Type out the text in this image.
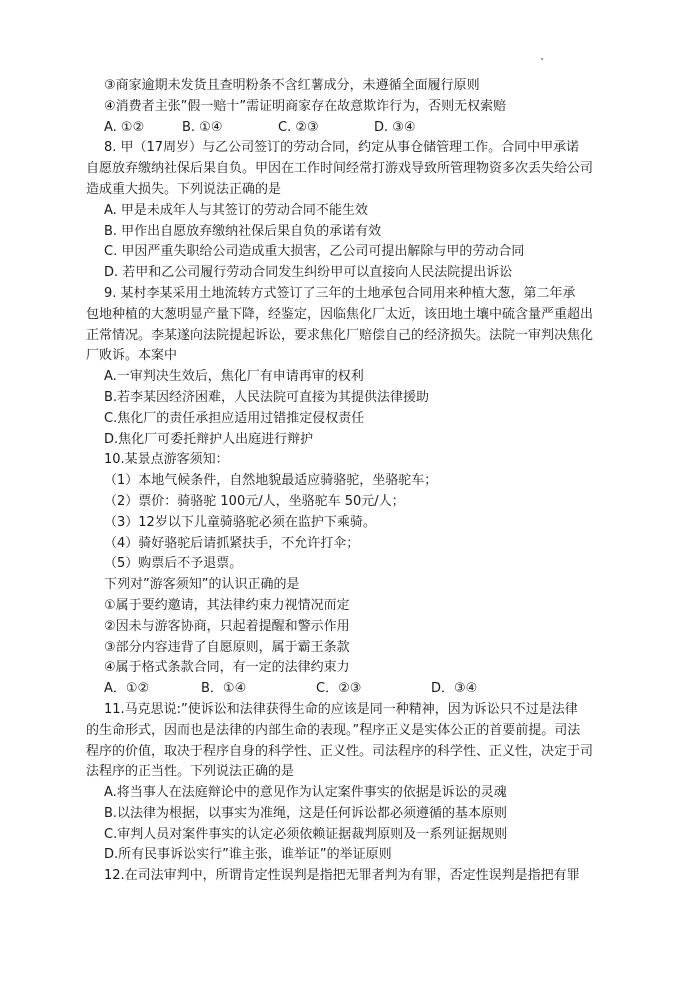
③商家逾期未发货且查明粉条不含红薯成分，未遵循全面履行原则
④消费者主张”假一赔十”需证明商家存在故意欺诈行为，否则无权索赔
A. ①②	B. ①④	C. ②③	D. ③④
8. 甲（17周岁）与乙公司签订的劳动合同，约定从事仓储管理工作。合同中甲承诺
自愿放弃缴纳社保后果自负。甲因在工作时间经常打游戏导致所管理物资多次丢失给公司
造成重大损失。下列说法正确的是
A. 甲是未成年人与其签订的劳动合同不能生效
B. 甲作出自愿放弃缴纳社保后果自负的承诺有效
C. 甲因严重失职给公司造成重大损害，乙公司可提出解除与甲的劳动合同
D. 若甲和乙公司履行劳动合同发生纠纷甲可以直接向人民法院提出诉讼
9. 某村李某采用土地流转方式签订了三年的土地承包合同用来种植大葱，第二年承
包地种植的大葱明显产量下降，经鉴定，因临焦化厂太近，该田地土壤中硫含量严重超出
正常情况。李某遂向法院提起诉讼，要求焦化厂赔偿自己的经济损失。法院一审判决焦化
厂败诉。本案中
A.一审判决生效后，焦化厂有申请再审的权利
B.若李某因经济困难，人民法院可直接为其提供法律援助
C.焦化厂的责任承担应适用过错推定侵权责任
D.焦化厂可委托辩护人出庭进行辩护
10.某景点游客须知：
（1）本地气候条件，自然地貌最适应骑骆驼，坐骆驼车；
（2）票价：骑骆驼 100元/人，坐骆驼车 50元/人；
（3）12岁以下儿童骑骆驼必须在监护下乘骑。
（4）骑好骆驼后请抓紧扶手，不允许打伞；
（5）购票后不予退票。
下列对”游客须知”的认识正确的是
①属于要约邀请，其法律约束力视情况而定
②因未与游客协商，只起着提醒和警示作用
③部分内容违背了自愿原则，属于霸王条款
④属于格式条款合同，有一定的法律约束力
A．①②	B．①④	C．②③	D．③④
11.马克思说:”使诉讼和法律获得生命的应该是同一种精神，因为诉讼只不过是法律
的生命形式，因而也是法律的内部生命的表现。”程序正义是实体公正的首要前提。司法
程序的价值，取决于程序自身的科学性、正义性。司法程序的科学性、正义性，决定于司
法程序的正当性。下列说法正确的是
A.将当事人在法庭辩论中的意见作为认定案件事实的依据是诉讼的灵魂
B.以法律为根据，以事实为准绳，这是任何诉讼都必须遵循的基本原则
C.审判人员对案件事实的认定必须依赖证据裁判原则及一系列证据规则
D.所有民事诉讼实行”谁主张，谁举证”的举证原则
12.在司法审判中，所谓肯定性误判是指把无罪者判为有罪，否定性误判是指把有罪
